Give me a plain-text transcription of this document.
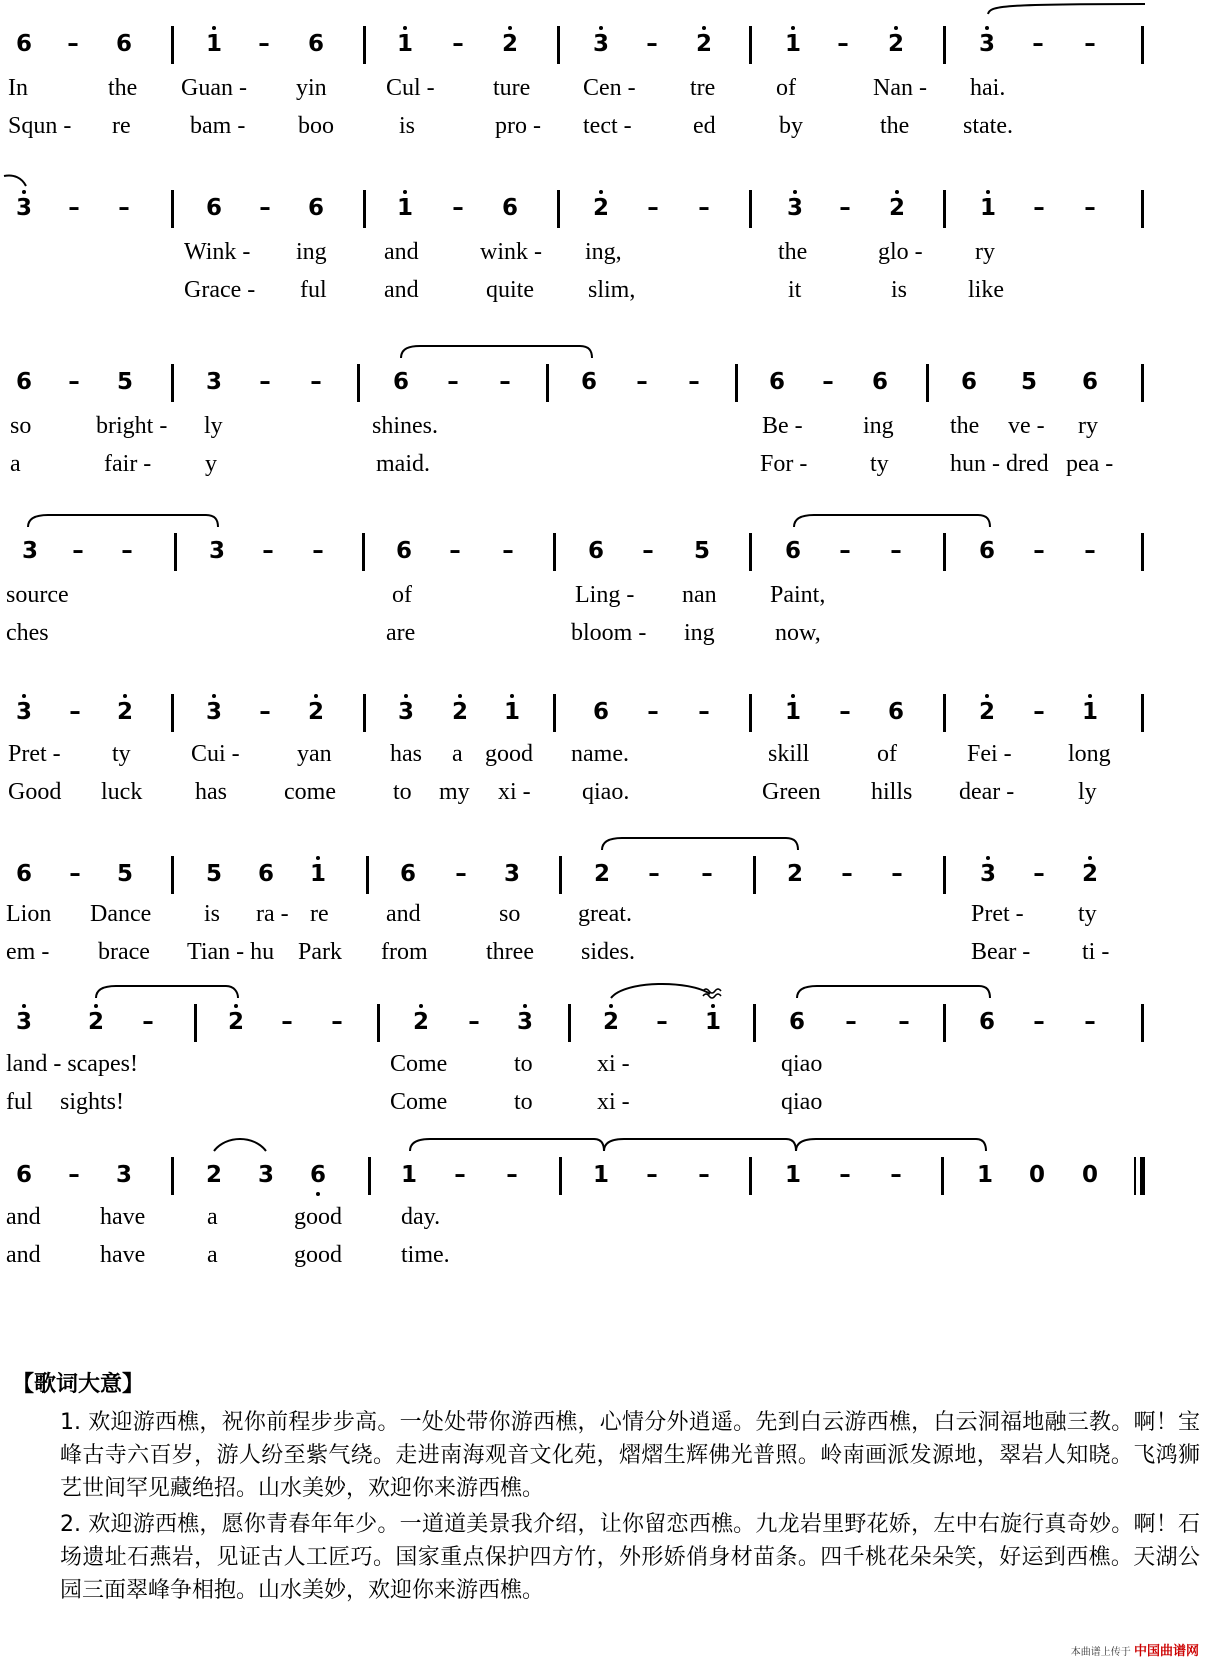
6	–	6	1	–	6	1	–	2	3	–	2	1	–	2	3	–	–
In	the Guan - yin Cul - ture Cen - tre	of	Nan - hai.
Squn - re bam - boo	is	pro - tect -	ed	by	the state.
3	–	–	6	–	6	1	–	6	2	–	–	3	–	2	1	–	–
Wink - ing and	wink - ing,	the	glo - ry
Grace - ful and	quite slim,	it	is	like
6	–	5	3	–	–	6	–	–	6	–	–	6	–	6	6	5	6
so	bright - ly	shines.	Be -	ing the ve - ry
a	fair - y	maid.	For -	ty	hun - dred pea -
3	–	–	3	–	–	6	–	–	6	–	5	6	–	–	6	–	–
source	of	Ling - nan Paint,
ches	are	bloom - ing	now,
3	–	2	3	–	2	3	2	1	6	–	–	1	–	6	2	–	1
Pret - ty	Cui - yan has a good name.	skill	of	Fei - long
Good luck has come to my xi - qiao.	Green hills dear -	ly
6	–	5	5	6	1	6	–	3	2	–	–	2	–	–	3	–	2
Lion Dance is ra - re and	so great.	Pret - ty
em - brace Tian - hu Park from three sides.	Bear - ti -
3	2	–	2	–	–	2	–	3	2	–	1	6	–	–	6	–	–
land - scapes!	Come	to	xi -	qiao
ful sights!	Come	to	xi -	qiao
6	–	3	2	3	6	1	–	–	1	–	–	1	–	–	1	0	0
and have	a	good day.
and have	a	good time.
【歌词大意】
1. 欢迎游西樵，祝你前程步步高。一处处带你游西樵，心情分外逍遥。先到白云游西樵，白云洞福地融三教。啊！宝峰古寺六百岁，游人纷至紫气绕。走进南海观音文化苑，熠熠生辉佛光普照。岭南画派发源地，翠岩人知晓。飞鸿狮艺世间罕见藏绝招。山水美妙，欢迎你来游西樵。
2. 欢迎游西樵，愿你青春年年少。一道道美景我介绍，让你留恋西樵。九龙岩里野花娇，左中右旋行真奇妙。啊！石场遗址石燕岩，见证古人工匠巧。国家重点保护四方竹，外形娇俏身材苗条。四千桃花朵朵笑，好运到西樵。天湖公园三面翠峰争相抱。山水美妙，欢迎你来游西樵。
本曲谱上传于 中国曲谱网
